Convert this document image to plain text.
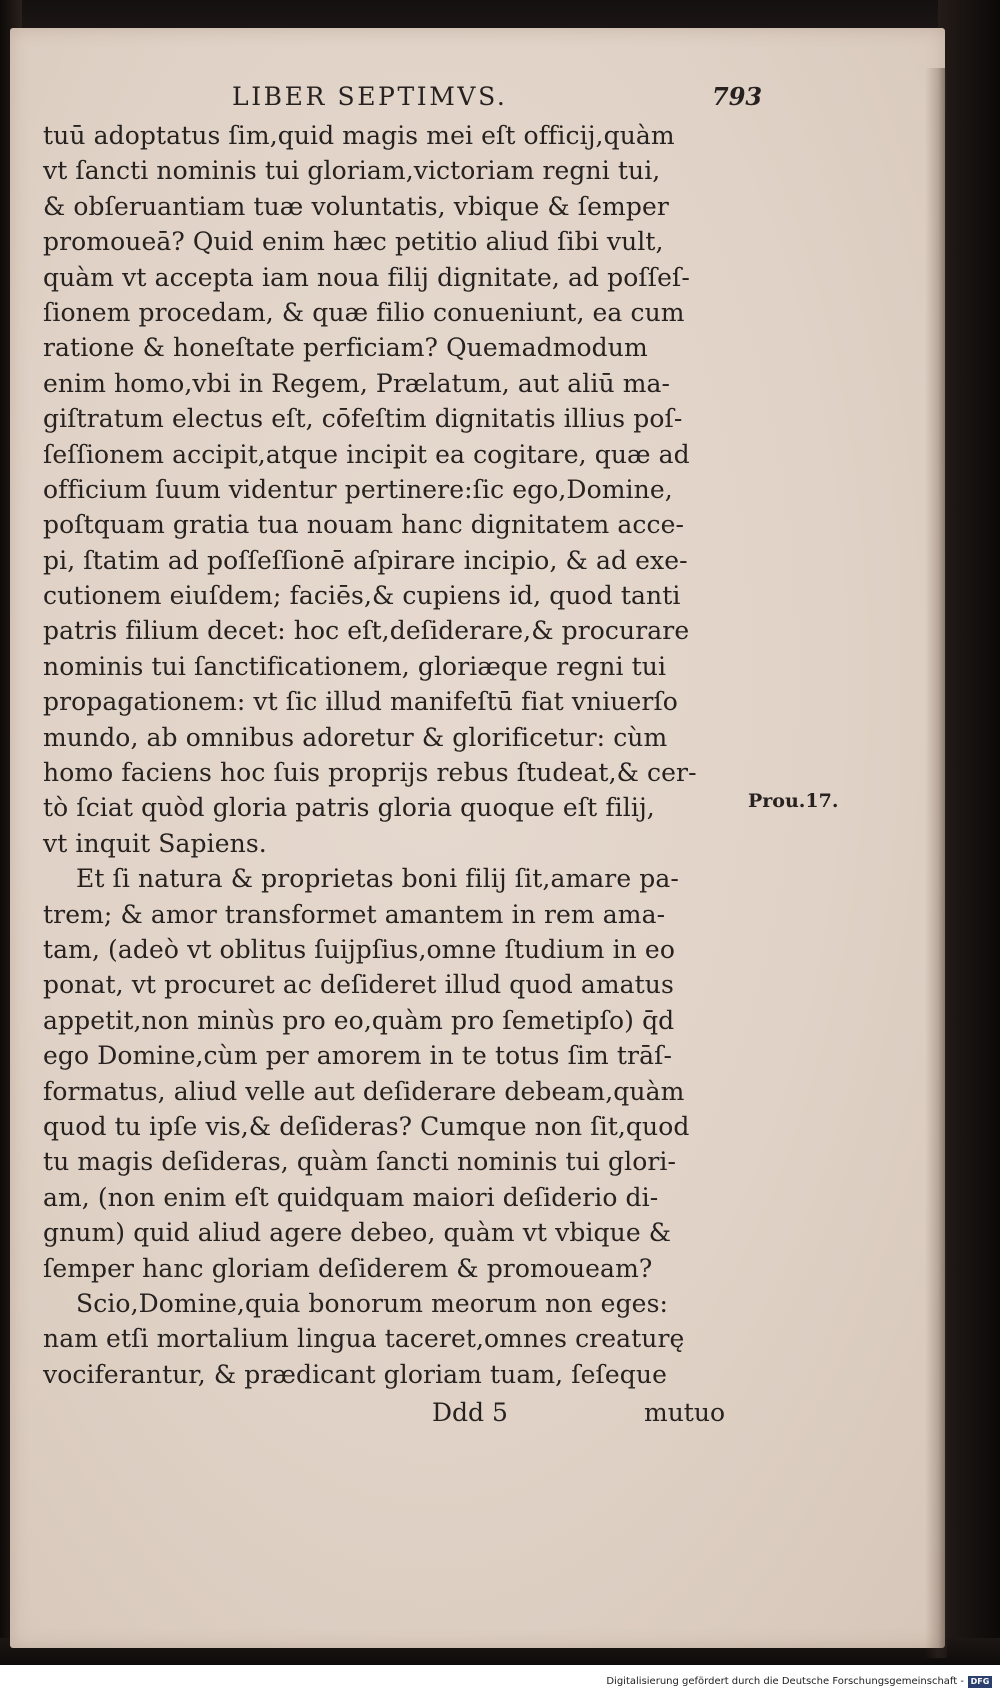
LIBER SEPTIMVS.	793
tuū adoptatus ſim,quid magis mei eſt officij,quàm
vt ſancti nominis tui gloriam,victoriam regni tui,
& obſeruantiam tuæ voluntatis, vbique & ſemper
promoueā? Quid enim hæc petitio aliud ſibi vult,
quàm vt accepta iam noua filij dignitate, ad poſſeſ-
ſionem procedam, & quæ filio conueniunt, ea cum
ratione & honeſtate perficiam? Quemadmodum
enim homo,vbi in Regem, Prælatum, aut aliū ma-
giſtratum electus eſt, cōfeſtim dignitatis illius poſ-
ſeſſionem accipit,atque incipit ea cogitare, quæ ad
officium ſuum videntur pertinere:ſic ego,Domine,
poſtquam gratia tua nouam hanc dignitatem acce-
pi, ſtatim ad poſſeſſionē aſpirare incipio, & ad exe-
cutionem eiuſdem; faciēs,& cupiens id, quod tanti
patris filium decet: hoc eſt,deſiderare,& procurare
nominis tui ſanctificationem, gloriæque regni tui
propagationem: vt ſic illud manifeſtū fiat vniuerſo
mundo, ab omnibus adoretur & glorificetur: cùm
homo faciens hoc ſuis proprijs rebus ſtudeat,& cer-
tò ſciat quòd gloria patris gloria quoque eſt filij,
vt inquit Sapiens.
Et ſi natura & proprietas boni filij ſit,amare pa-
trem; & amor transformet amantem in rem ama-
tam, (adeò vt oblitus ſuijpſius,omne ſtudium in eo
ponat, vt procuret ac deſideret illud quod amatus
appetit,non minùs pro eo,quàm pro ſemetipſo) q̄d
ego Domine,cùm per amorem in te totus ſim trāſ-
formatus, aliud velle aut deſiderare debeam,quàm
quod tu ipſe vis,& deſideras? Cumque non ſit,quod
tu magis deſideras, quàm ſancti nominis tui glori-
am, (non enim eſt quidquam maiori deſiderio di-
gnum) quid aliud agere debeo, quàm vt vbique &
ſemper hanc gloriam deſiderem & promoueam?
Scio,Domine,quia bonorum meorum non eges:
nam etſi mortalium lingua taceret,omnes creaturę
vociferantur, & prædicant gloriam tuam, ſeſeque
Prou.17.
Ddd 5	mutuo
Digitalisierung gefördert durch die Deutsche Forschungsgemeinschaft - DFG
